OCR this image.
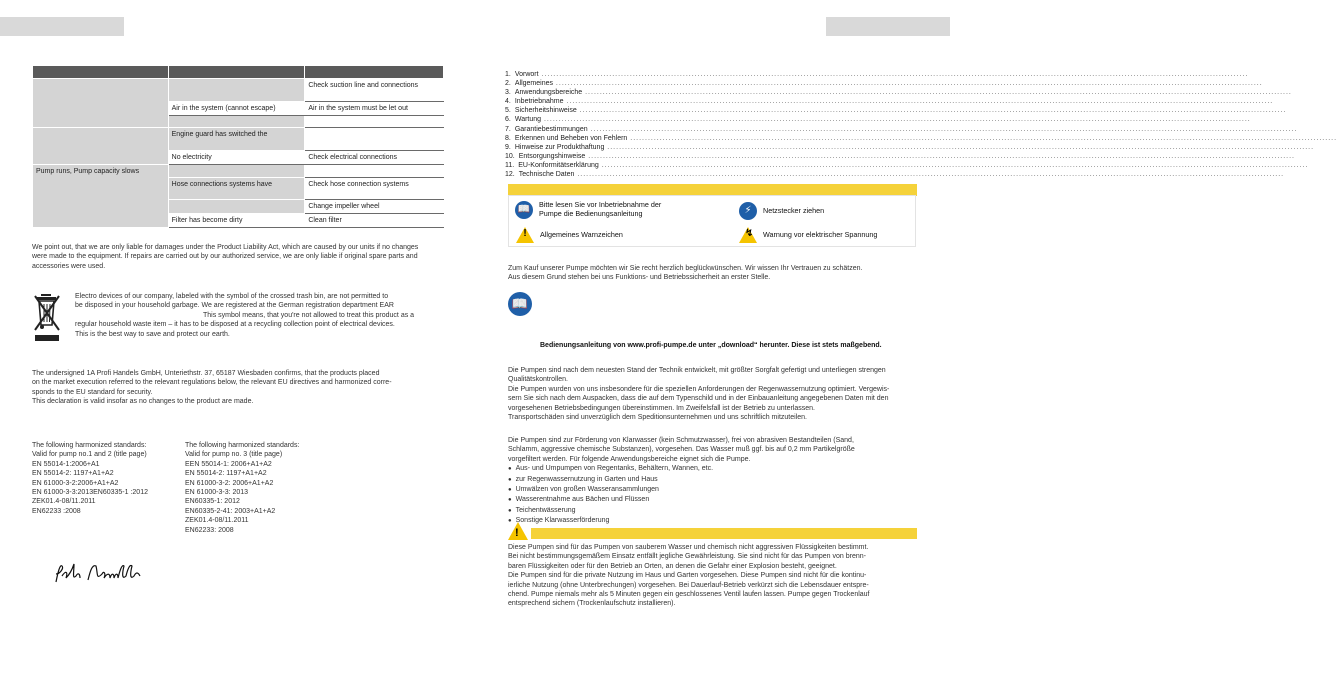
		Check suction line and connections
	Air in the system (cannot escape)	Air in the system must be let out

	Engine guard has switched the	
	No electricity	Check electrical connections
Pump runs, Pump capacity slows		
	Hose connections systems have	Check hose connection systems
		Change impeller wheel
	Filter has become dirty	Clean filter
We point out, that we are only liable for damages under the Product Liability Act, which are caused by our units if no changes were made to the equipment. If repairs are carried out by our authorized service, we are only liable if original spare parts and accessories were used.
Electro devices of our company, labeled with the symbol of the crossed trash bin, are not permitted to
be disposed in your household garbage. We are registered at the German registration department EAR
This symbol means, that you're not allowed to treat this product as a
regular household waste item – it has to be disposed at a recycling collection point of electrical devices.
This is the best way to save and protect our earth.
The undersigned 1A Profi Handels GmbH, Unteriethstr. 37, 65187 Wiesbaden confirms, that the products placed
on the market execution referred to the relevant regulations below, the relevant EU directives and harmonized corre-
sponds to the EU standard for security.
This declaration is valid insofar as no changes to the product are made.
The following harmonized standards:
Valid for pump no.1 and 2 (title page)
EN 55014-1:2006+A1
EN 55014-2: 1197+A1+A2
EN 61000-3-2:2006+A1+A2
EN 61000-3-3:2013EN60335-1 :2012
ZEK01.4-08/11.2011
EN62233 :2008
The following harmonized standards:
Valid for pump no. 3 (title page)
EEN 55014-1: 2006+A1+A2
EN 55014-2: 1197+A1+A2
EN 61000-3-2: 2006+A1+A2
EN 61000-3-3: 2013
EN60335-1: 2012
EN60335-2-41: 2003+A1+A2
ZEK01.4-08/11.2011
EN62233: 2008
1. Vorwort ................................................................................................................................................................................................................................................
2. Allgemeines ................................................................................................................................................................................................................................................
3. Anwendungsbereiche ................................................................................................................................................................................................................................................
4. Inbetriebnahme ................................................................................................................................................................................................................................................
5. Sicherheitshinweise ................................................................................................................................................................................................................................................
6. Wartung ................................................................................................................................................................................................................................................
7. Garantiebestimmungen ................................................................................................................................................................................................................................................
8. Erkennen und Beheben von Fehlern ................................................................................................................................................................................................................................................
9. Hinweise zur Produkthaftung ................................................................................................................................................................................................................................................
10. Entsorgungshinweise ................................................................................................................................................................................................................................................
11. EU-Konformitätserklärung ................................................................................................................................................................................................................................................
12. Technische Daten ................................................................................................................................................................................................................................................
📖	Bitte lesen Sie vor Inbetriebnahme der Pumpe die Bedienungsanleitung	⚡	Netzstecker ziehen
! Allgemeines Warnzeichen	↯ Warnung vor elektrischer Spannung
Zum Kauf unserer Pumpe möchten wir Sie recht herzlich beglückwünschen. Wir wissen Ihr Vertrauen zu schätzen.
Aus diesem Grund stehen bei uns Funktions- und Betriebssicherheit an erster Stelle.
📖
Bedienungsanleitung von www.profi-pumpe.de unter „download“ herunter. Diese ist stets maßgebend.
Die Pumpen sind nach dem neuesten Stand der Technik entwickelt, mit größter Sorgfalt gefertigt und unterliegen strengen
Qualitätskontrollen.
Die Pumpen wurden von uns insbesondere für die speziellen Anforderungen der Regenwassernutzung optimiert. Vergewis-
sern Sie sich nach dem Auspacken, dass die auf dem Typenschild und in der Einbauanleitung angegebenen Daten mit den
vorgesehenen Betriebsbedingungen übereinstimmen. Im Zweifelsfall ist der Betrieb zu unterlassen.
Transportschäden sind unverzüglich dem Speditionsunternehmen und uns schriftlich mitzuteilen.
Die Pumpen sind zur Förderung von Klarwasser (kein Schmutzwasser), frei von abrasiven Bestandteilen (Sand,
Schlamm, aggressive chemische Substanzen), vorgesehen. Das Wasser muß ggf. bis auf 0,2 mm Partikelgröße
vorgefiltert werden. Für folgende Anwendungsbereiche eignet sich die Pumpe.
● Aus- und Umpumpen von Regentanks, Behältern, Wannen, etc.
● zur Regenwassernutzung in Garten und Haus
● Umwälzen von großen Wasseransammlungen
● Wasserentnahme aus Bächen und Flüssen
● Teichentwässerung
● Sonstige Klarwasserförderung
!
Diese Pumpen sind für das Pumpen von sauberem Wasser und chemisch nicht aggressiven Flüssigkeiten bestimmt.
Bei nicht bestimmungsgemäßem Einsatz entfällt jegliche Gewährleistung. Sie sind nicht für das Pumpen von brenn-
baren Flüssigkeiten oder für den Betrieb an Orten, an denen die Gefahr einer Explosion besteht, geeignet.
Die Pumpen sind für die private Nutzung im Haus und Garten vorgesehen. Diese Pumpen sind nicht für die kontinu-
ierliche Nutzung (ohne Unterbrechungen) vorgesehen. Bei Dauerlauf-Betrieb verkürzt sich die Lebensdauer entspre-
chend. Pumpe niemals mehr als 5 Minuten gegen ein geschlossenes Ventil laufen lassen. Pumpe gegen Trockenlauf
entsprechend sichern (Trockenlaufschutz installieren).
